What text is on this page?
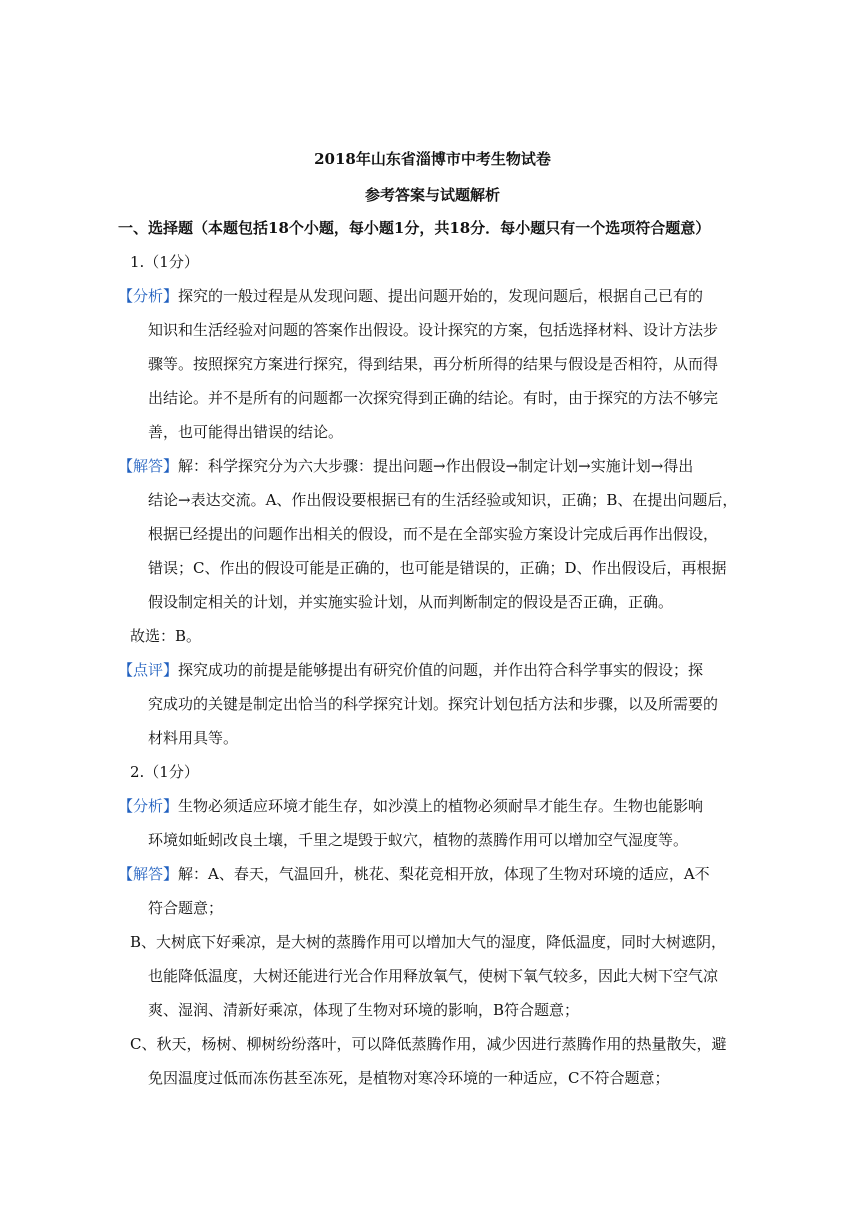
2018年山东省淄博市中考生物试卷
参考答案与试题解析
一、选择题（本题包括18个小题，每小题1分，共18分．每小题只有一个选项符合题意）
1.（1分）
【分析】探究的一般过程是从发现问题、提出问题开始的，发现问题后，根据自己已有的
知识和生活经验对问题的答案作出假设。设计探究的方案，包括选择材料、设计方法步
骤等。按照探究方案进行探究，得到结果，再分析所得的结果与假设是否相符，从而得
出结论。并不是所有的问题都一次探究得到正确的结论。有时，由于探究的方法不够完
善，也可能得出错误的结论。
【解答】解：科学探究分为六大步骤：提出问题→作出假设→制定计划→实施计划→得出
结论→表达交流。A、作出假设要根据已有的生活经验或知识，正确；B、在提出问题后，
根据已经提出的问题作出相关的假设，而不是在全部实验方案设计完成后再作出假设，
错误；C、作出的假设可能是正确的，也可能是错误的，正确；D、作出假设后，再根据
假设制定相关的计划，并实施实验计划，从而判断制定的假设是否正确，正确。
故选：B。
【点评】探究成功的前提是能够提出有研究价值的问题，并作出符合科学事实的假设；探
究成功的关键是制定出恰当的科学探究计划。探究计划包括方法和步骤，以及所需要的
材料用具等。
2.（1分）
【分析】生物必须适应环境才能生存，如沙漠上的植物必须耐旱才能生存。生物也能影响
环境如蚯蚓改良土壤，千里之堤毁于蚁穴，植物的蒸腾作用可以增加空气湿度等。
【解答】解：A、春天，气温回升，桃花、梨花竞相开放，体现了生物对环境的适应，A不
符合题意；
B、大树底下好乘凉，是大树的蒸腾作用可以增加大气的湿度，降低温度，同时大树遮阴，
也能降低温度，大树还能进行光合作用释放氧气，使树下氧气较多，因此大树下空气凉
爽、湿润、清新好乘凉，体现了生物对环境的影响，B符合题意；
C、秋天，杨树、柳树纷纷落叶，可以降低蒸腾作用，减少因进行蒸腾作用的热量散失，避
免因温度过低而冻伤甚至冻死，是植物对寒冷环境的一种适应，C不符合题意；
